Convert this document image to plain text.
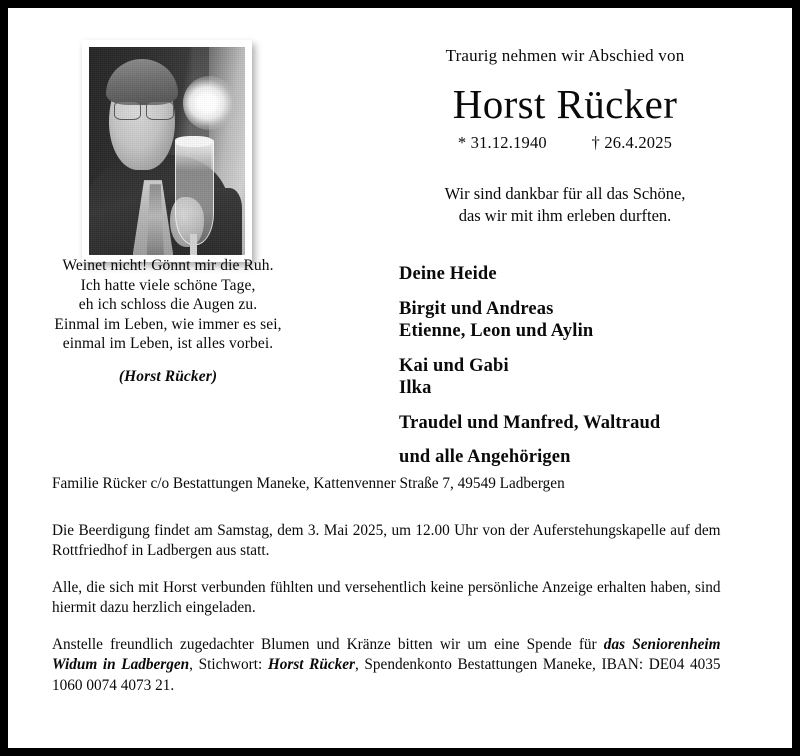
Weinet nicht! Gönnt mir die Ruh.
Ich hatte viele schöne Tage,
eh ich schloss die Augen zu.
Einmal im Leben, wie immer es sei,
einmal im Leben, ist alles vorbei.
(Horst Rücker)
Traurig nehmen wir Abschied von
Horst Rücker
* 31.12.1940	† 26.4.2025
Wir sind dankbar für all das Schöne,
das wir mit ihm erleben durften.
Deine Heide
Birgit und Andreas
Etienne, Leon und Aylin
Kai und Gabi
Ilka
Traudel und Manfred, Waltraud
und alle Angehörigen

Familie Rücker c/o Bestattungen Maneke, Kattenvenner Straße 7, 49549 Ladbergen

Die Beerdigung findet am Samstag, dem 3. Mai 2025, um 12.00 Uhr von der Auferstehungskapelle auf dem Rottfriedhof in Ladbergen aus statt.

Alle, die sich mit Horst verbunden fühlten und versehentlich keine persönliche Anzeige erhalten haben, sind hiermit dazu herzlich eingeladen.

Anstelle freundlich zugedachter Blumen und Kränze bitten wir um eine Spende für das Seniorenheim Widum in Ladbergen, Stichwort: Horst Rücker, Spendenkonto Bestattungen Maneke, IBAN: DE04 4035 1060 0074 4073 21.
